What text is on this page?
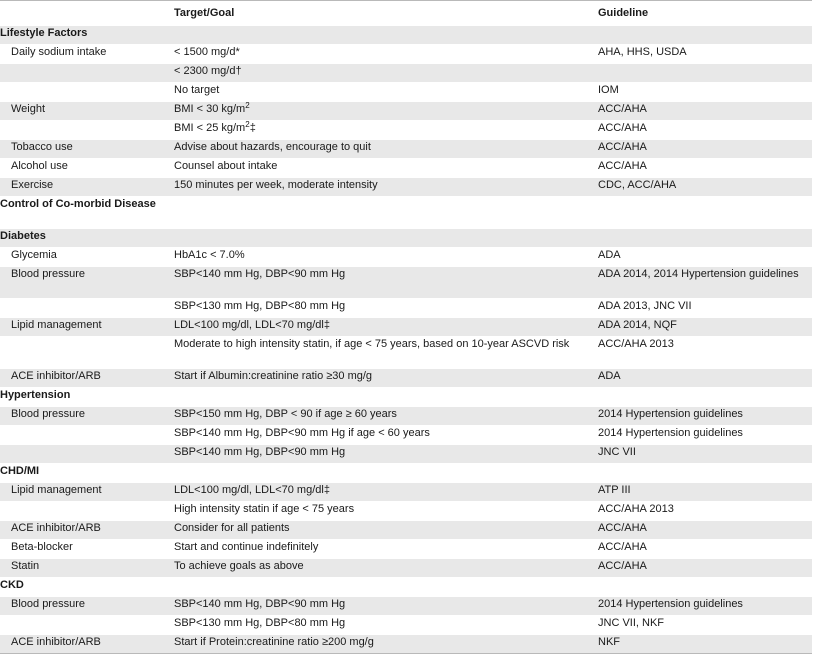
	Target/Goal	Guideline
Lifestyle Factors		
Daily sodium intake	< 1500 mg/d*	AHA, HHS, USDA
	< 2300 mg/d†	
	No target	IOM
Weight	BMI < 30 $kg/m^2$	ACC/AHA
	BMI < 25 $kg/m^2\ddagger$	ACC/AHA
Tobacco use	Advise about hazards, encourage to quit	ACC/AHA
Alcohol use	Counsel about intake	ACC/AHA
Exercise	150 minutes per week, moderate intensity	CDC, ACC/AHA
Control of Co-morbid Disease		
Diabetes		
Glycemia	HbA1c < 7.0%	ADA
Blood pressure	SBP<140 mm Hg, DBP<90 mm Hg	ADA 2014, 2014 Hypertension guidelines
	SBP<130 mm Hg, DBP<80 mm Hg	ADA 2013, JNC VII
Lipid management	LDL<100 mg/dl, LDL<70 mg/dl‡	ADA 2014, NQF
	Moderate to high intensity statin, if age < 75 years, based on 10-year ASCVD risk	ACC/AHA 2013
ACE inhibitor/ARB	Start if Albumin:creatinine ratio ≥30 mg/g	ADA
Hypertension		
Blood pressure	SBP<150 mm Hg, DBP < 90 if age ≥ 60 years	2014 Hypertension guidelines
	SBP<140 mm Hg, DBP<90 mm Hg if age < 60 years	2014 Hypertension guidelines
	SBP<140 mm Hg, DBP<90 mm Hg	JNC VII
CHD/MI		
Lipid management	LDL<100 mg/dl, LDL<70 mg/dl‡	ATP III
	High intensity statin if age < 75 years	ACC/AHA 2013
ACE inhibitor/ARB	Consider for all patients	ACC/AHA
Beta-blocker	Start and continue indefinitely	ACC/AHA
Statin	To achieve goals as above	ACC/AHA
CKD		
Blood pressure	SBP<140 mm Hg, DBP<90 mm Hg	2014 Hypertension guidelines
	SBP<130 mm Hg, DBP<80 mm Hg	JNC VII, NKF
ACE inhibitor/ARB	Start if Protein:creatinine ratio ≥200 mg/g	NKF
